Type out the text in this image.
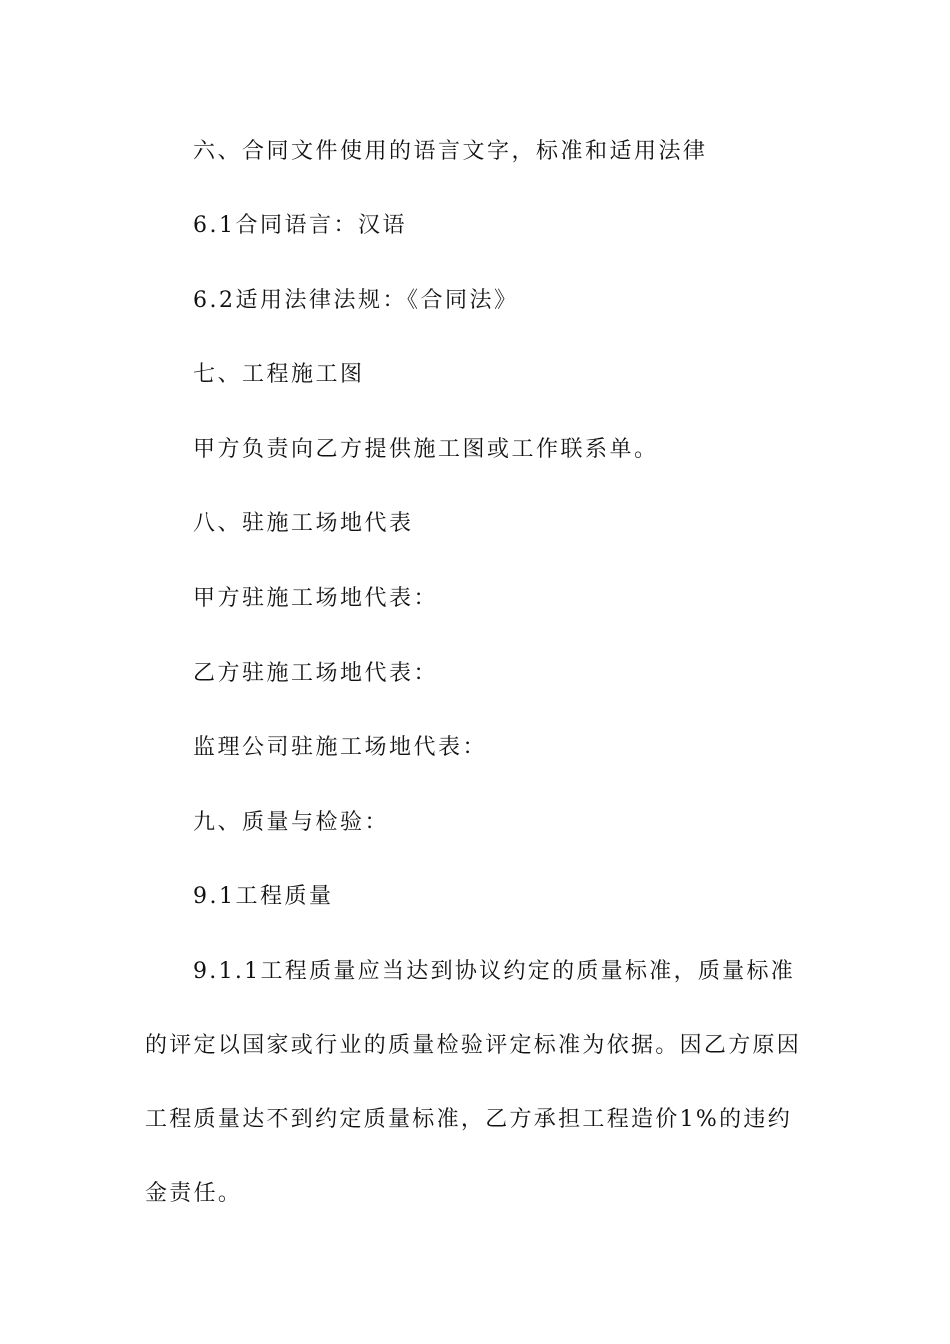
六、合同文件使用的语言文字，标准和适用法律
6.1合同语言：汉语
6.2适用法律法规：《合同法》
七、工程施工图
甲方负责向乙方提供施工图或工作联系单。
八、驻施工场地代表
甲方驻施工场地代表：
乙方驻施工场地代表：
监理公司驻施工场地代表：
九、质量与检验：
9.1工程质量
9.1.1工程质量应当达到协议约定的质量标准，质量标准的评定以国家或行业的质量检验评定标准为依据。因乙方原因工程质量达不到约定质量标准，乙方承担工程造价1%的违约金责任。
